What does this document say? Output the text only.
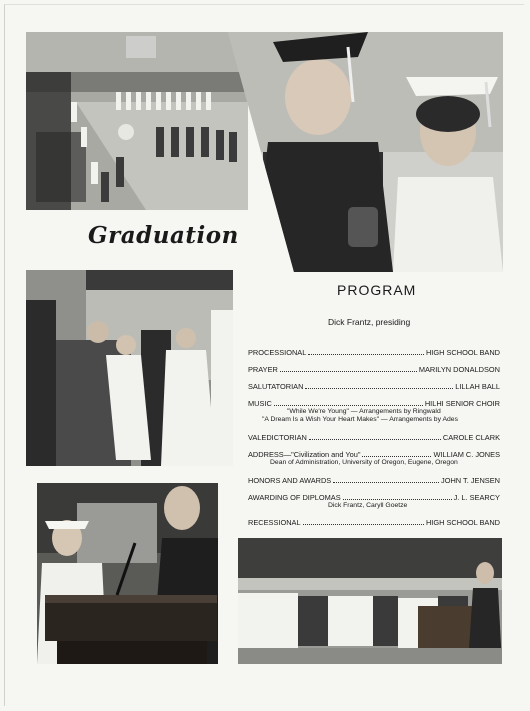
Graduation
PROGRAM
Dick Frantz, presiding
PROCESSIONAL	HIGH SCHOOL BAND
PRAYER	MARILYN DONALDSON
SALUTATORIAN	LILLAH BALL
MUSIC	HILHI SENIOR CHOIR
"While We're Young" — Arrangements by Ringwald
"A Dream Is a Wish Your Heart Makes" — Arrangements by Ades
VALEDICTORIAN	CAROLE CLARK
ADDRESS—"Civilization and You"	WILLIAM C. JONES
Dean of Administration, University of Oregon, Eugene, Oregon
HONORS AND AWARDS	JOHN T. JENSEN
AWARDING OF DIPLOMAS	J. L. SEARCY
Dick Frantz, Caryll Goetze
RECESSIONAL	HIGH SCHOOL BAND
